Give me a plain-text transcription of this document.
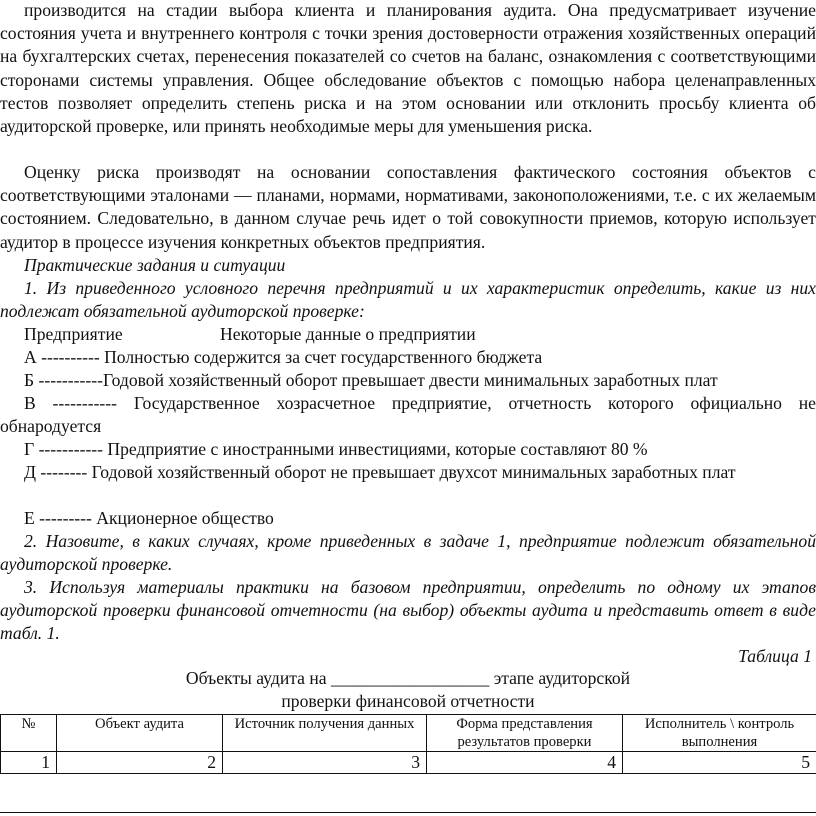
производится на стадии выбора клиента и планирования аудита. Она предусматривает изучение состояния учета и внутреннего контроля с точки зрения достоверности отражения хозяйственных операций на бухгалтерских счетах, перенесения показателей со счетов на баланс, ознакомления с соответствующими сторонами системы управления. Общее обследование объектов с помощью набора целенаправленных тестов позволяет определить степень риска и на этом основании или отклонить просьбу клиента об аудиторской проверке, или принять необходимые меры для уменьшения риска.

Оценку риска производят на основании сопоставления фактического состояния объектов с соответствующими эталонами — планами, нормами, нормативами, законоположениями, т.е. с их желаемым состоянием. Следовательно, в данном случае речь идет о той совокупности приемов, которую использует аудитор в процессе изучения конкретных объектов предприятия.

Практические задания и ситуации

1. Из приведенного условного перечня предприятий и их характеристик определить, какие из них подлежат обязательной аудиторской проверке:

Предприятие	Некоторые данные о предприятии
А ---------- Полностью содержится за счет государственного бюджета
Б -----------Годовой хозяйственный оборот превышает двести минимальных заработных плат

В ----------- Государственное хозрасчетное предприятие, отчетность которого официально не обнародуется

Г ----------- Предприятие с иностранными инвестициями, которые составляют 80 %

Д -------- Годовой хозяйственный оборот не превышает двухсот минимальных заработных плат

Е --------- Акционерное общество

2. Назовите, в каких случаях, кроме приведенных в задаче 1, предприятие подлежит обязательной аудиторской проверке.

3. Используя материалы практики на базовом предприятии, определить по одному их этапов аудиторской проверки финансовой отчетности (на выбор) объекты аудита и представить ответ в виде табл. 1.

Таблица 1
Объекты аудита на __________________ этапе аудиторской
проверки финансовой отчетности
№	Объект аудита	Источник получения данных	Форма представления результатов проверки	Исполнитель \ контроль выполнения
1	2	3	4	5
